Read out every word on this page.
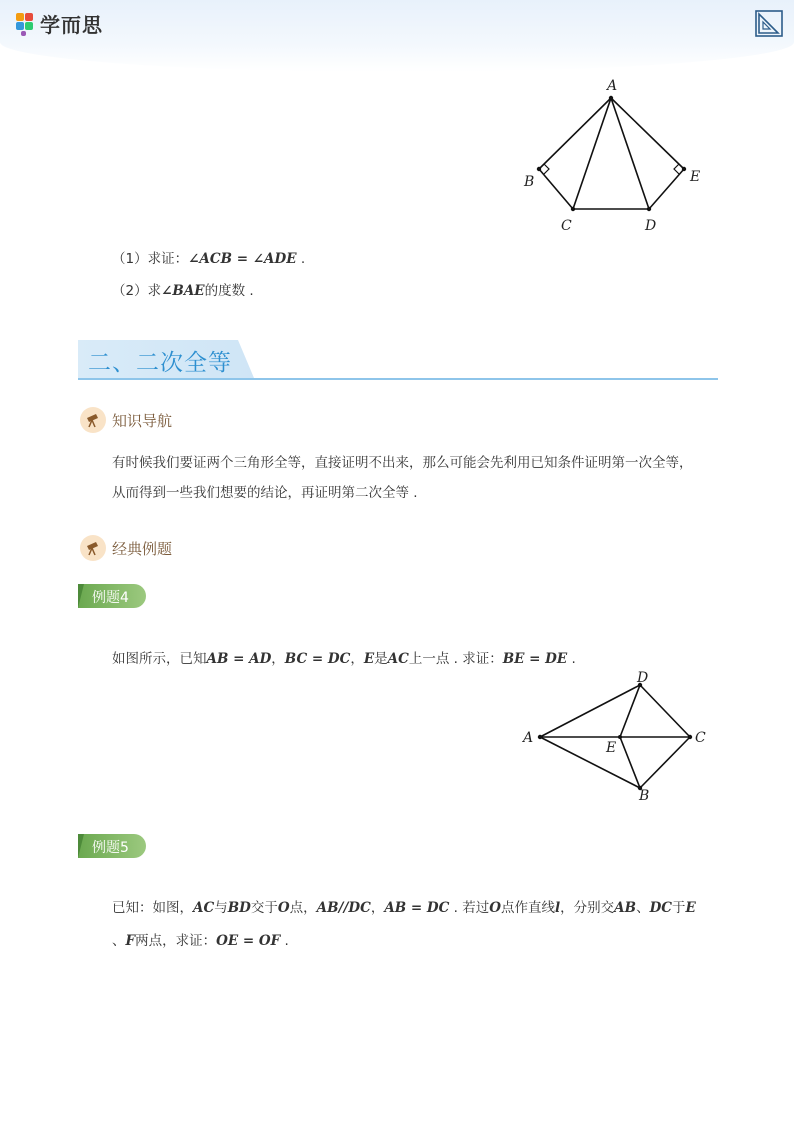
学而思
A
B
C	D
E
（1）求证：∠ACB = ∠ADE .
（2）求∠BAE的度数 .
二、二次全等
知识导航
有时候我们要证两个三角形全等，直接证明不出来，那么可能会先利用已知条件证明第一次全等，从而得到一些我们想要的结论，再证明第二次全等 .
经典例题
例题4
如图所示，已知AB = AD，BC = DC，E是AC上一点 . 求证：BE = DE .
A
D
C
E
B
例题5
已知：如图，AC与BD交于O点，AB//DC，AB = DC . 若过O点作直线l，分别交AB、DC于E
、F两点，求证：OE = OF .
